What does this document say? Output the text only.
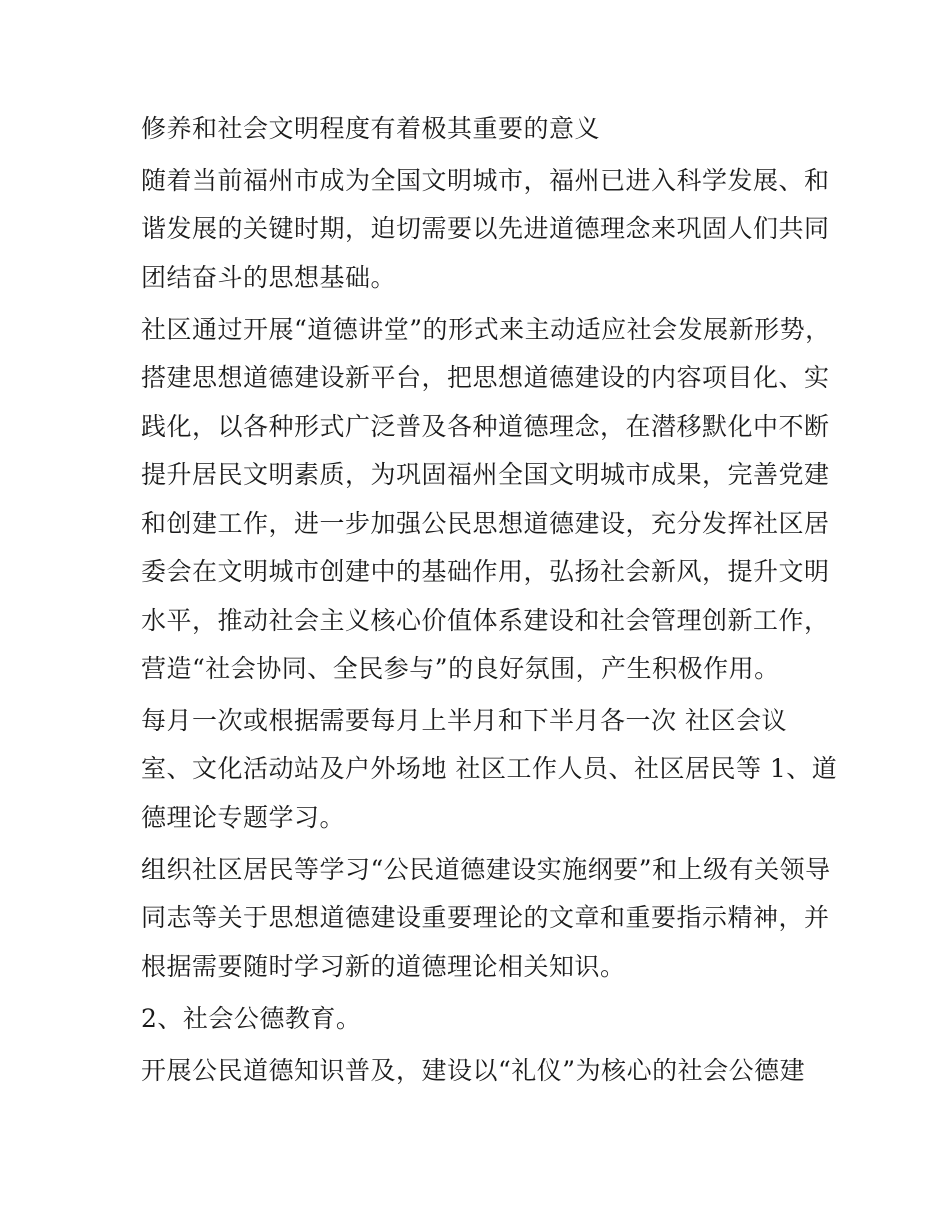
修养和社会文明程度有着极其重要的意义

随着当前福州市成为全国文明城市，福州已进入科学发展、和

谐发展的关键时期，迫切需要以先进道德理念来巩固人们共同

团结奋斗的思想基础。

社区通过开展“道德讲堂”的形式来主动适应社会发展新形势，

搭建思想道德建设新平台，把思想道德建设的内容项目化、实

践化，以各种形式广泛普及各种道德理念，在潜移默化中不断

提升居民文明素质，为巩固福州全国文明城市成果，完善党建

和创建工作，进一步加强公民思想道德建设，充分发挥社区居

委会在文明城市创建中的基础作用，弘扬社会新风，提升文明

水平，推动社会主义核心价值体系建设和社会管理创新工作，

营造“社会协同、全民参与”的良好氛围，产生积极作用。

每月一次或根据需要每月上半月和下半月各一次 社区会议

室、文化活动站及户外场地 社区工作人员、社区居民等 1、道

德理论专题学习。

组织社区居民等学习“公民道德建设实施纲要”和上级有关领导

同志等关于思想道德建设重要理论的文章和重要指示精神，并

根据需要随时学习新的道德理论相关知识。

2、社会公德教育。

开展公民道德知识普及，建设以“礼仪”为核心的社会公德建
